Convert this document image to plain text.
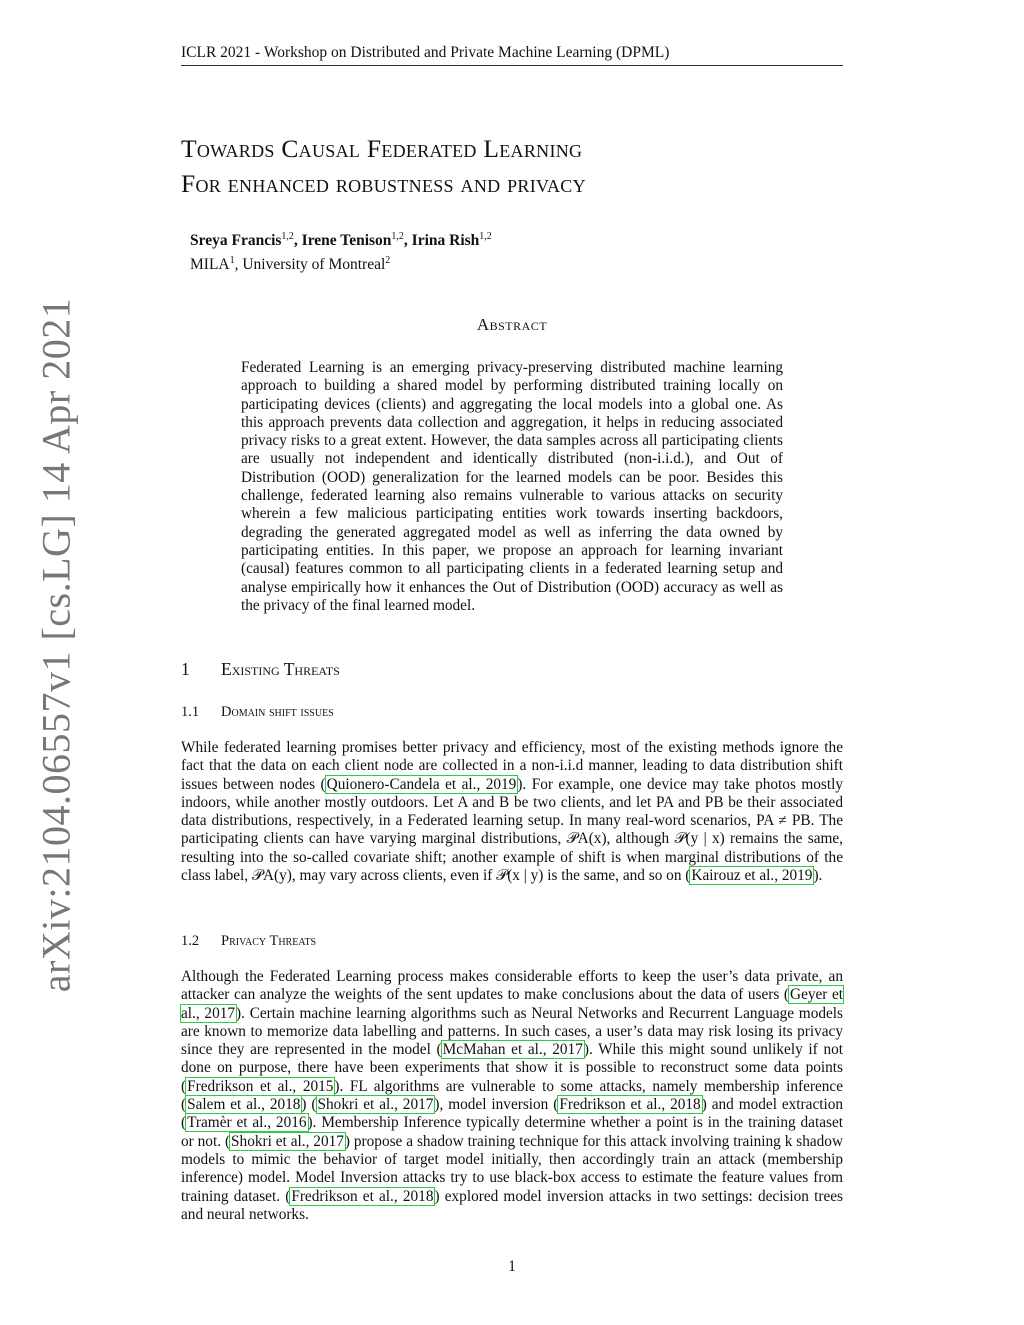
ICLR 2021 - Workshop on Distributed and Private Machine Learning (DPML)
arXiv:2104.06557v1 [cs.LG] 14 Apr 2021
Towards Causal Federated Learning
For enhanced robustness and privacy
Sreya Francis$^{1,2}$, Irene Tenison$^{1,2}$, Irina Rish$^{1,2}$
MILA$^1$, University of Montreal$^2$
Abstract
Federated Learning is an emerging privacy-preserving distributed machine learning approach to building a shared model by performing distributed training locally on participating devices (clients) and aggregating the local models into a global one. As this approach prevents data collection and aggregation, it helps in reducing associated privacy risks to a great extent. However, the data samples across all participating clients are usually not independent and identically distributed (non-i.i.d.), and Out of Distribution (OOD) generalization for the learned models can be poor. Besides this challenge, federated learning also remains vulnerable to various attacks on security wherein a few malicious participating entities work towards inserting backdoors, degrading the generated aggregated model as well as inferring the data owned by participating entities. In this paper, we propose an approach for learning invariant (causal) features common to all participating clients in a federated learning setup and analyse empirically how it enhances the Out of Distribution (OOD) accuracy as well as the privacy of the final learned model.
1 Existing Threats
1.1 Domain shift issues
While federated learning promises better privacy and efficiency, most of the existing methods ignore the fact that the data on each client node are collected in a non-i.i.d manner, leading to data distribution shift issues between nodes (Quionero-Candela et al., 2019). For example, one device may take photos mostly indoors, while another mostly outdoors. Let A and B be two clients, and let PA and PB be their associated data distributions, respectively, in a Federated learning setup. In many real-word scenarios, PA ≠ PB. The participating clients can have varying marginal distributions, 𝒫A(x), although 𝒫(y | x) remains the same, resulting into the so-called covariate shift; another example of shift is when marginal distributions of the class label, 𝒫A(y), may vary across clients, even if 𝒫(x | y) is the same, and so on (Kairouz et al., 2019).
1.2 Privacy Threats
Although the Federated Learning process makes considerable efforts to keep the user’s data private, an attacker can analyze the weights of the sent updates to make conclusions about the data of users (Geyer et al., 2017). Certain machine learning algorithms such as Neural Networks and Recurrent Language models are known to memorize data labelling and patterns. In such cases, a user’s data may risk losing its privacy since they are represented in the model (McMahan et al., 2017). While this might sound unlikely if not done on purpose, there have been experiments that show it is possible to reconstruct some data points (Fredrikson et al., 2015). FL algorithms are vulnerable to some attacks, namely membership inference (Salem et al., 2018) (Shokri et al., 2017), model inversion (Fredrikson et al., 2018) and model extraction (Tramèr et al., 2016). Membership Inference typically determine whether a point is in the training dataset or not. (Shokri et al., 2017) propose a shadow training technique for this attack involving training k shadow models to mimic the behavior of target model initially, then accordingly train an attack (membership inference) model. Model Inversion attacks try to use black-box access to estimate the feature values from training dataset. (Fredrikson et al., 2018) explored model inversion attacks in two settings: decision trees and neural networks.
1
